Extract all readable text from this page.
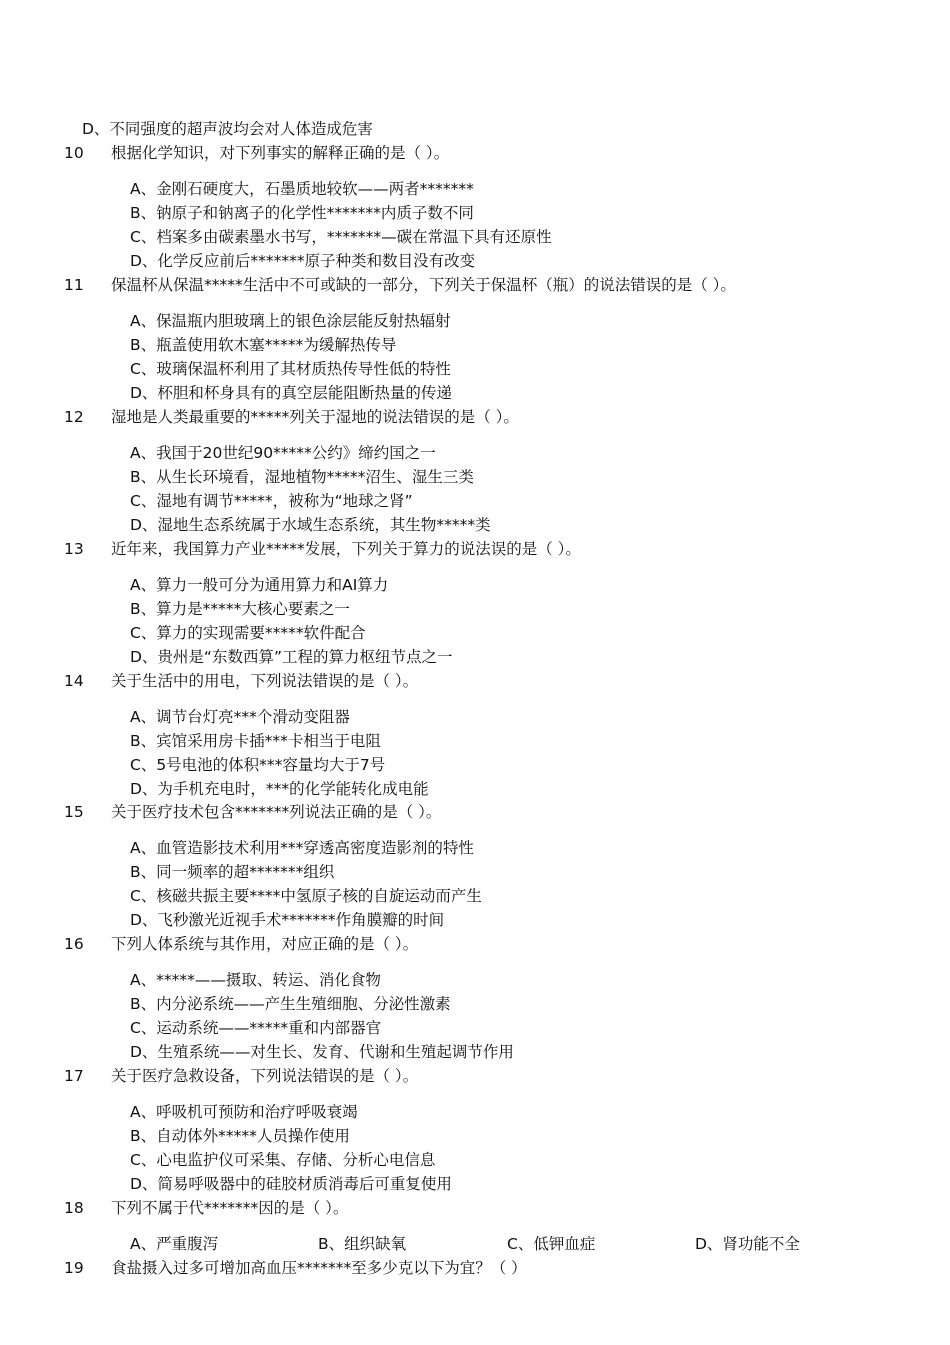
D、不同强度的超声波均会对人体造成危害
10 根据化学知识，对下列事实的解释正确的是（ ）。
A、金刚石硬度大，石墨质地较软——两者*******
B、钠原子和钠离子的化学性*******内质子数不同
C、档案多由碳素墨水书写，*******—碳在常温下具有还原性
D、化学反应前后*******原子种类和数目没有改变
11 保温杯从保温*****生活中不可或缺的一部分，下列关于保温杯（瓶）的说法错误的是（ ）。
A、保温瓶内胆玻璃上的银色涂层能反射热辐射
B、瓶盖使用软木塞*****为缓解热传导
C、玻璃保温杯利用了其材质热传导性低的特性
D、杯胆和杯身具有的真空层能阻断热量的传递
12 湿地是人类最重要的*****列关于湿地的说法错误的是（ ）。
A、我国于20世纪90*****公约》缔约国之一
B、从生长环境看，湿地植物*****沼生、湿生三类
C、湿地有调节*****，被称为“地球之肾”
D、湿地生态系统属于水域生态系统，其生物*****类
13 近年来，我国算力产业*****发展，下列关于算力的说法误的是（ ）。
A、算力一般可分为通用算力和AI算力
B、算力是*****大核心要素之一
C、算力的实现需要*****软件配合
D、贵州是“东数西算”工程的算力枢纽节点之一
14 关于生活中的用电，下列说法错误的是（ ）。
A、调节台灯亮***个滑动变阻器
B、宾馆采用房卡插***卡相当于电阻
C、5号电池的体积***容量均大于7号
D、为手机充电时，***的化学能转化成电能
15 关于医疗技术包含*******列说法正确的是（ ）。
A、血管造影技术利用***穿透高密度造影剂的特性
B、同一频率的超*******组织
C、核磁共振主要****中氢原子核的自旋运动而产生
D、飞秒激光近视手术*******作角膜瓣的时间
16 下列人体系统与其作用，对应正确的是（ ）。
A、*****——摄取、转运、消化食物
B、内分泌系统——产生生殖细胞、分泌性激素
C、运动系统——*****重和内部器官
D、生殖系统——对生长、发育、代谢和生殖起调节作用
17 关于医疗急救设备，下列说法错误的是（ ）。
A、呼吸机可预防和治疗呼吸衰竭
B、自动体外*****人员操作使用
C、心电监护仪可采集、存储、分析心电信息
D、简易呼吸器中的硅胶材质消毒后可重复使用
18 下列不属于代*******因的是（ ）。
A、严重腹泻	B、组织缺氧	C、低钾血症	D、肾功能不全
19 食盐摄入过多可增加高血压*******至多少克以下为宜？（ ）
